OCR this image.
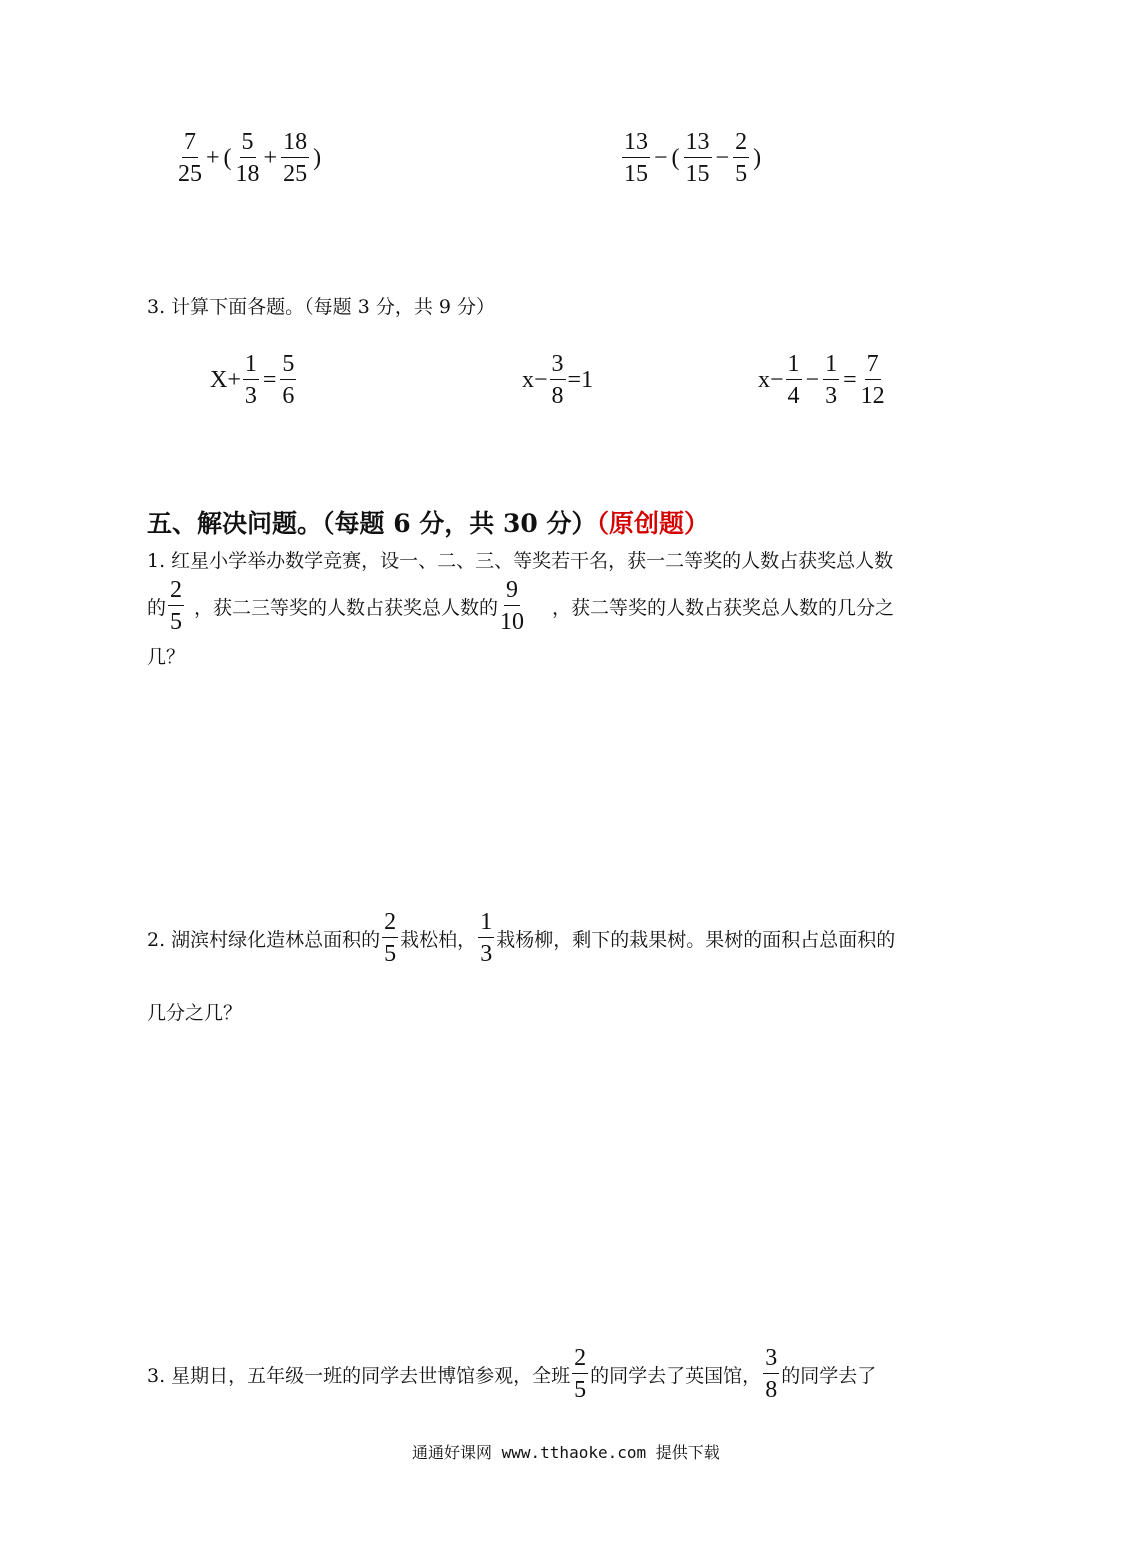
$\frac{7}{25}$ + ( $\frac{5}{18} + \frac{18}{25}$ )	$\frac{13}{15}$ − ( $\frac{13}{15} - \frac{2}{5}$ )
3. 计算下面各题。（每题 3 分，共 9 分）
$X+ \frac{1}{3} = \frac{5}{6}$	$x- \frac{3}{8} =1$	$x- \frac{1}{4} - \frac{1}{3} = \frac{7}{12}$
五、解决问题。（每题 6 分，共 30 分）（原创题）
1. 红星小学举办数学竞赛，设一、二、三、等奖若干名，获一二等奖的人数占获奖总人数
的 $\frac{2}{5}$ ，获二三等奖的人数占获奖总人数的 $\frac{9}{10}$ ，获二等奖的人数占获奖总人数的几分之
几？
2. 湖滨村绿化造林总面积的 $\frac{2}{5}$ 栽松柏， $\frac{1}{3}$ 栽杨柳，剩下的栽果树。果树的面积占总面积的
几分之几？
3. 星期日，五年级一班的同学去世博馆参观，全班 $\frac{2}{5}$ 的同学去了英国馆， $\frac{3}{8}$ 的同学去了
通通好课网 www.tthaoke.com 提供下载
